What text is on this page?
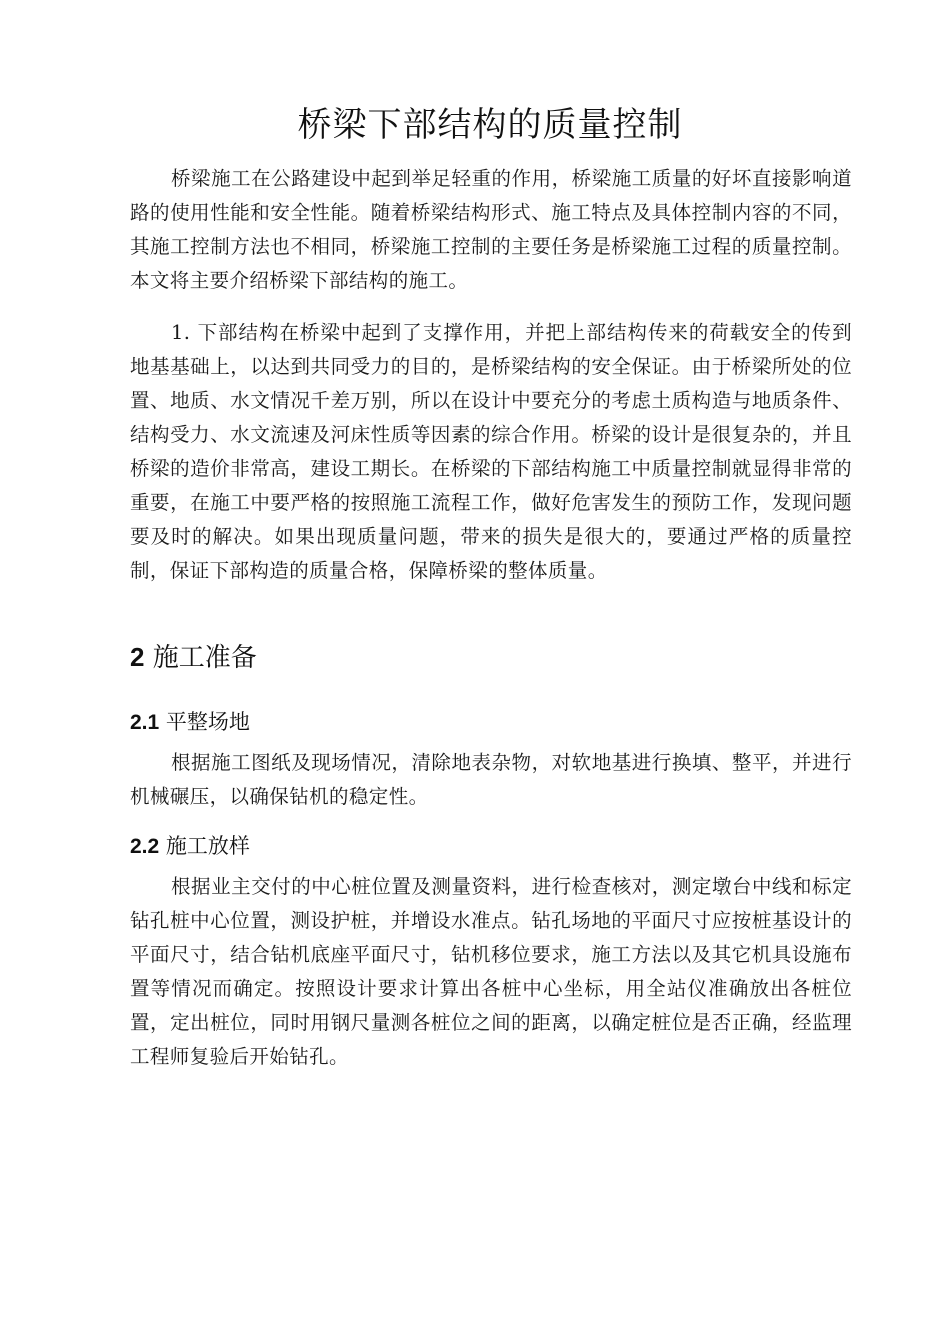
桥梁下部结构的质量控制

桥梁施工在公路建设中起到举足轻重的作用，桥梁施工质量的好坏直接影响道路的使用性能和安全性能。随着桥梁结构形式、施工特点及具体控制内容的不同，其施工控制方法也不相同，桥梁施工控制的主要任务是桥梁施工过程的质量控制。本文将主要介绍桥梁下部结构的施工。

1. 下部结构在桥梁中起到了支撑作用，并把上部结构传来的荷载安全的传到地基基础上，以达到共同受力的目的，是桥梁结构的安全保证。由于桥梁所处的位置、地质、水文情况千差万别，所以在设计中要充分的考虑土质构造与地质条件、结构受力、水文流速及河床性质等因素的综合作用。桥梁的设计是很复杂的，并且桥梁的造价非常高，建设工期长。在桥梁的下部结构施工中质量控制就显得非常的重要，在施工中要严格的按照施工流程工作，做好危害发生的预防工作，发现问题要及时的解决。如果出现质量问题，带来的损失是很大的，要通过严格的质量控制，保证下部构造的质量合格，保障桥梁的整体质量。

2 施工准备
2.1 平整场地

根据施工图纸及现场情况，清除地表杂物，对软地基进行换填、整平，并进行机械碾压，以确保钻机的稳定性。

2.2 施工放样

根据业主交付的中心桩位置及测量资料，进行检查核对，测定墩台中线和标定钻孔桩中心位置，测设护桩，并增设水准点。钻孔场地的平面尺寸应按桩基设计的平面尺寸，结合钻机底座平面尺寸，钻机移位要求，施工方法以及其它机具设施布置等情况而确定。按照设计要求计算出各桩中心坐标，用全站仪准确放出各桩位置，定出桩位，同时用钢尺量测各桩位之间的距离，以确定桩位是否正确，经监理工程师复验后开始钻孔。
